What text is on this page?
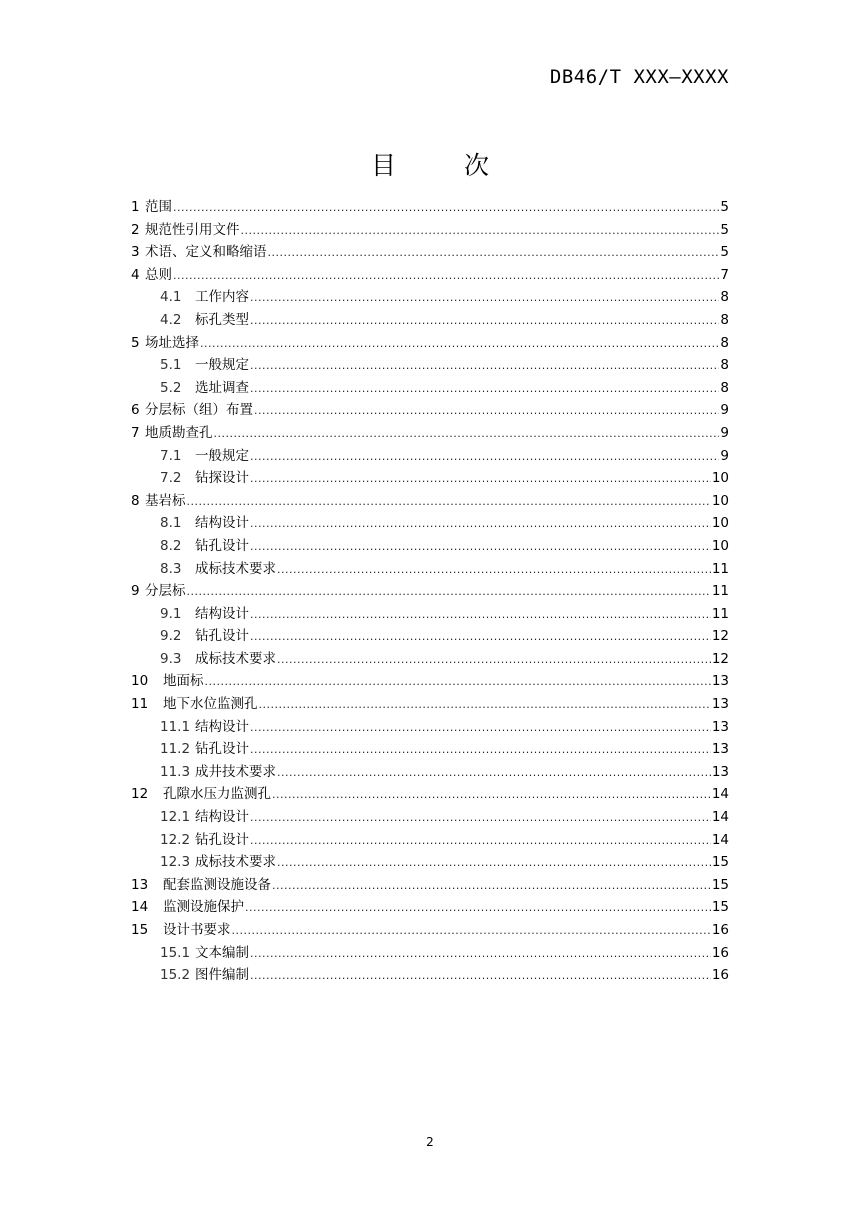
DB46/T XXX—XXXX
目	次
1 范围 .....	5
2 规范性引用文件 .....	5
3 术语、定义和略缩语 .....	5
4 总则 .....	7
4.1	工作内容 .....	8
4.2	标孔类型 .....	8
5 场址选择 .....	8
5.1	一般规定 .....	8
5.2	选址调查 .....	8
6 分层标（组）布置 .....	9
7 地质勘查孔 .....	9
7.1	一般规定 .....	9
7.2	钻探设计 .....	10
8 基岩标 .....	10
8.1	结构设计 .....	10
8.2	钻孔设计 .....	10
8.3	成标技术要求 .....	11
9 分层标 .....	11
9.1	结构设计 .....	11
9.2	钻孔设计 .....	12
9.3	成标技术要求 .....	12
10	地面标 .....	13
11	地下水位监测孔 .....	13
11.1 结构设计 .....	13
11.2 钻孔设计 .....	13
11.3 成井技术要求 .....	13
12	孔隙水压力监测孔 .....	14
12.1 结构设计 .....	14
12.2 钻孔设计 .....	14
12.3 成标技术要求 .....	15
13	配套监测设施设备 .....	15
14	监测设施保护 .....	15
15	设计书要求 .....	16
15.1 文本编制 .....	16
15.2 图件编制 .....	16
2
